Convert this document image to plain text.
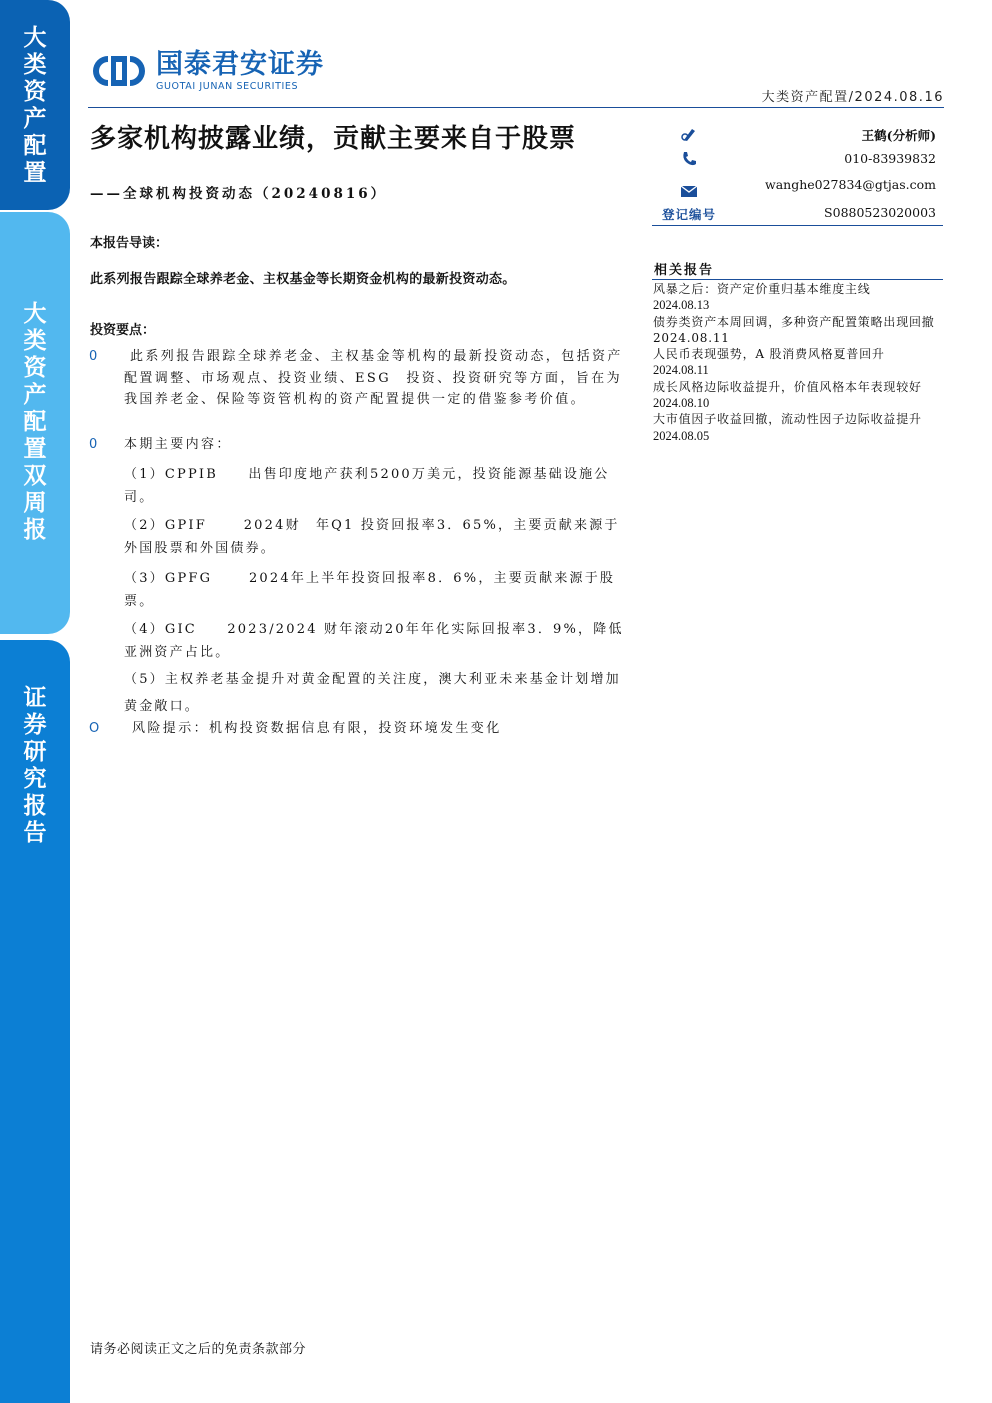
大
类
资
产
配
置
大
类
资
产
配
置
双
周
报
证
券
研
究
报
告
国泰君安证券
GUOTAI JUNAN SECURITIES
大类资产配置/2024.08.16
多家机构披露业绩，贡献主要来自于股票
——全球机构投资动态（20240816）
王鹤(分析师)
010-83939832
wanghe027834@gtjas.com
登记编号	S0880523020003
本报告导读：
此系列报告跟踪全球养老金、主权基金等长期资金机构的最新投资动态。
投资要点：
0	此系列报告跟踪全球养老金、主权基金等机构的最新投资动态，包括资产配置调整、市场观点、投资业绩、ESG　投资、投资研究等方面，旨在为我国养老金、保险等资管机构的资产配置提供一定的借鉴参考价值。
0 本期主要内容：
（1）CPPIB　　出售印度地产获利5200万美元，投资能源基础设施公司。
（2）GPIF　　 2024财　年Q1 投资回报率3．65%，主要贡献来源于外国股票和外国债券。
（3）GPFG　　 2024年上半年投资回报率8．6%，主要贡献来源于股票。
（4）GIC　　2023/2024 财年滚动20年年化实际回报率3．9%，降低亚洲资产占比。
（5）主权养老基金提升对黄金配置的关注度，澳大利亚未来基金计划增加黄金敞口。
O	风险提示：机构投资数据信息有限，投资环境发生变化
相关报告
风暴之后：资产定价重归基本维度主线
2024.08.13
债券类资产本周回调，多种资产配置策略出现回撤2024.08.11
人民币表现强势，A 股消费风格夏普回升
2024.08.11
成长风格边际收益提升，价值风格本年表现较好
2024.08.10
大市值因子收益回撤，流动性因子边际收益提升
2024.08.05
请务必阅读正文之后的免责条款部分
